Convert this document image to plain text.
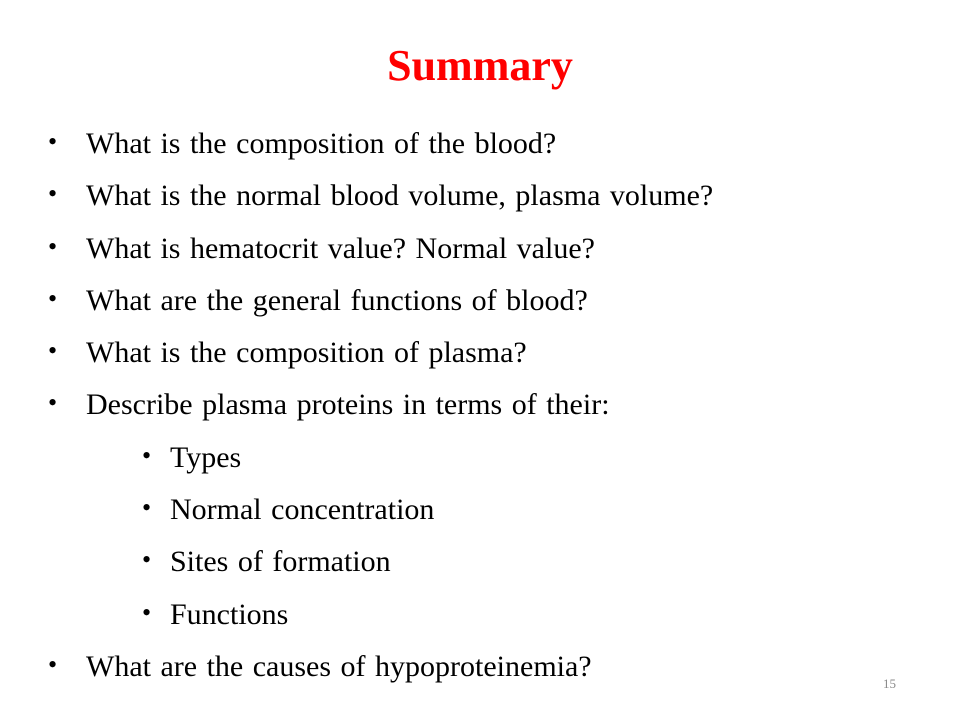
Summary
• What is the composition of the blood?
• What is the normal blood volume, plasma volume?
• What is hematocrit value? Normal value?
• What are the general functions of blood?
• What is the composition of plasma?
• Describe plasma proteins in terms of their:
• Types
• Normal concentration
• Sites of formation
• Functions
• What are the causes of hypoproteinemia?
15
